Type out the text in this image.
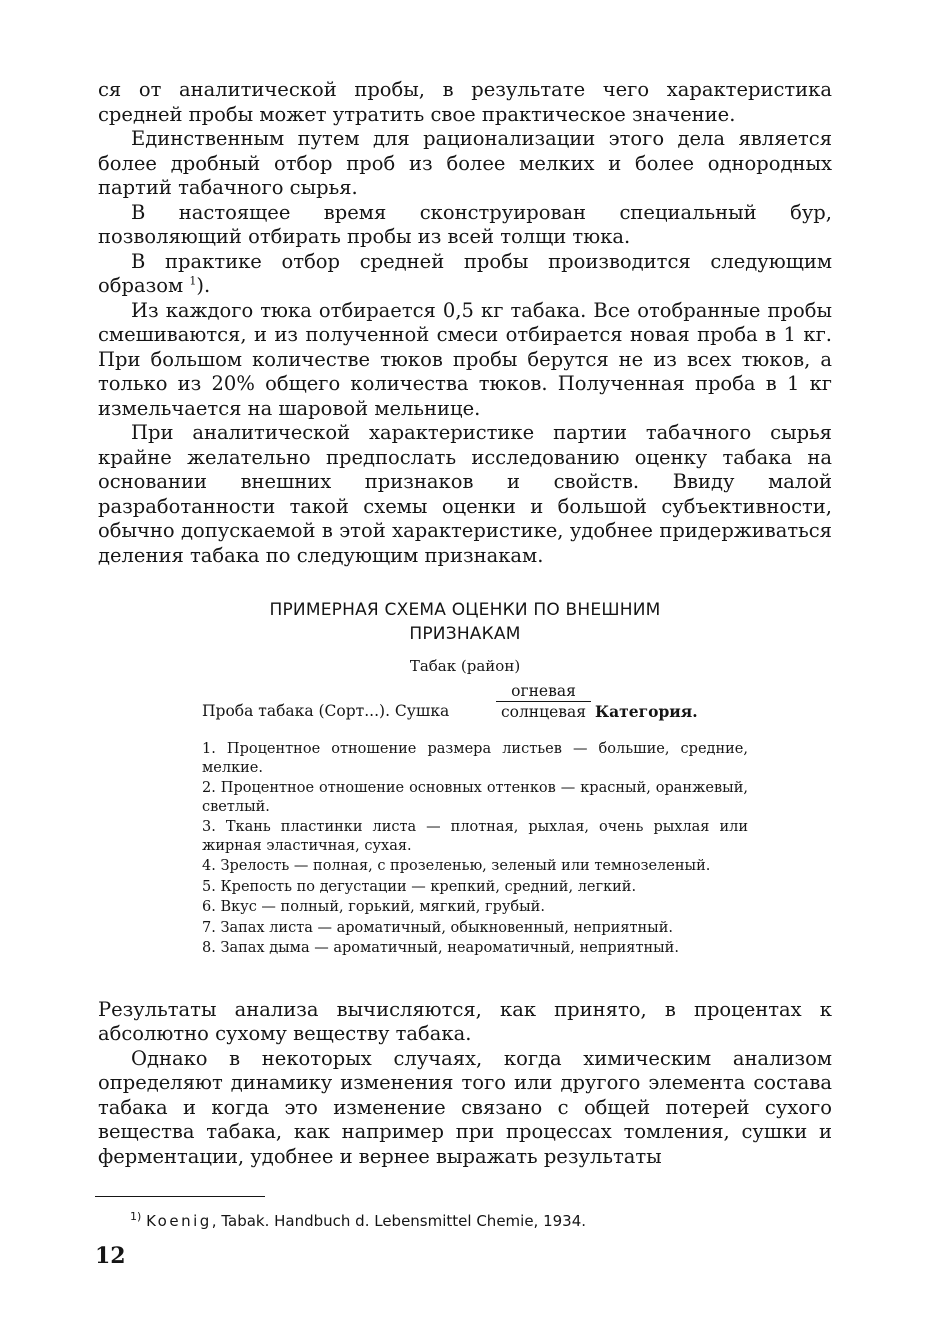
ся от аналитической пробы, в результате чего характеристика средней пробы может утратить свое практическое значение.

Единственным путем для рационализации этого дела является более дробный отбор проб из более мелких и более однородных партий табачного сырья.

В настоящее время сконструирован специальный бур, позволяющий отбирать пробы из всей толщи тюка.

В практике отбор средней пробы производится следующим образом $^1$).

Из каждого тюка отбирается 0,5 кг табака. Все отобранные пробы смешиваются, и из полученной смеси отбирается новая проба в 1 кг. При большом количестве тюков пробы берутся не из всех тюков, а только из 20% общего количества тюков. Полученная проба в 1 кг измельчается на шаровой мельнице.

При аналитической характеристике партии табачного сырья крайне желательно предпослать исследованию оценку табака на основании внешних признаков и свойств. Ввиду малой разработанности такой схемы оценки и большой субъективности, обычно допускаемой в этой характеристике, удобнее придерживаться деления табака по следующим признакам.

ПРИМЕРНАЯ СХЕМА ОЦЕНКИ ПО ВНЕШНИМ
ПРИЗНАКАМ

Табак (район)

Проба табака (Сорт...). Сушка
огневая
солнцевая Категория.

1. Процентное отношение размера листьев — большие, средние, мелкие.

2. Процентное отношение основных оттенков — красный, оранжевый, светлый.

3. Ткань пластинки листа — плотная, рыхлая, очень рыхлая или жирная эластичная, сухая.

4. Зрелость — полная, с прозеленью, зеленый или темнозеленый.

5. Крепость по дегустации — крепкий, средний, легкий.

6. Вкус — полный, горький, мягкий, грубый.

7. Запах листа — ароматичный, обыкновенный, неприятный.

8. Запах дыма — ароматичный, неароматичный, неприятный.

Результаты анализа вычисляются, как принято, в процентах к абсолютно сухому веществу табака.

Однако в некоторых случаях, когда химическим анализом определяют динамику изменения того или другого элемента состава табака и когда это изменение связано с общей потерей сухого вещества табака, как например при процессах томления, сушки и ферментации, удобнее и вернее выражать результаты

$^{1)}$ Koenig, Tabak. Handbuch d. Lebensmittel Chemie, 1934.
12
